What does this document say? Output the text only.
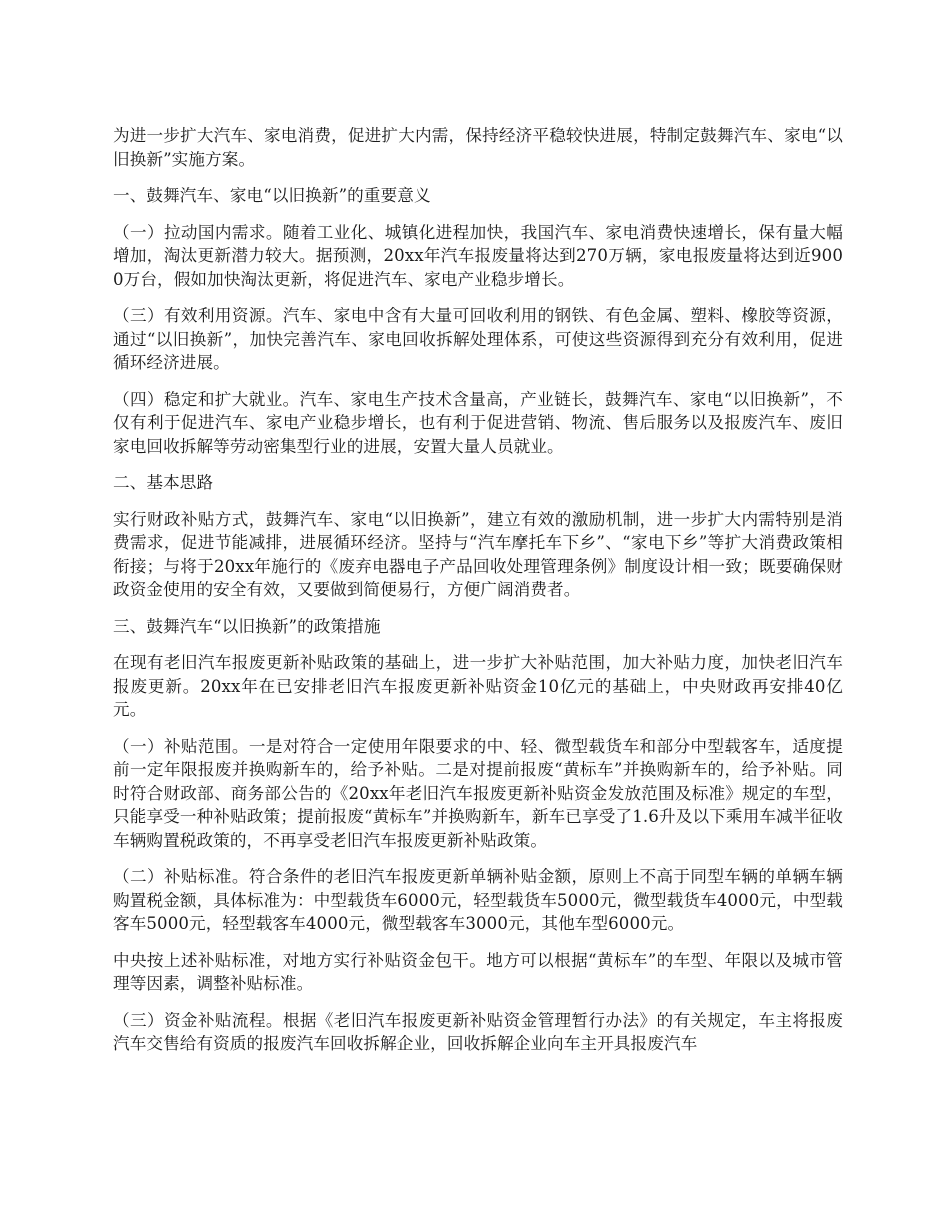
为进一步扩大汽车、家电消费，促进扩大内需，保持经济平稳较快进展，特制定鼓舞汽车、家电“以旧换新”实施方案。

一、鼓舞汽车、家电“以旧换新”的重要意义

（一）拉动国内需求。随着工业化、城镇化进程加快，我国汽车、家电消费快速增长，保有量大幅增加，淘汰更新潜力较大。据预测，20xx年汽车报废量将达到270万辆，家电报废量将达到近9000万台，假如加快淘汰更新，将促进汽车、家电产业稳步增长。

（三）有效利用资源。汽车、家电中含有大量可回收利用的钢铁、有色金属、塑料、橡胶等资源，通过“以旧换新”，加快完善汽车、家电回收拆解处理体系，可使这些资源得到充分有效利用，促进循环经济进展。

（四）稳定和扩大就业。汽车、家电生产技术含量高，产业链长，鼓舞汽车、家电“以旧换新”，不仅有利于促进汽车、家电产业稳步增长，也有利于促进营销、物流、售后服务以及报废汽车、废旧家电回收拆解等劳动密集型行业的进展，安置大量人员就业。

二、基本思路

实行财政补贴方式，鼓舞汽车、家电“以旧换新”，建立有效的激励机制，进一步扩大内需特别是消费需求，促进节能减排，进展循环经济。坚持与“汽车摩托车下乡”、“家电下乡”等扩大消费政策相衔接；与将于20xx年施行的《废弃电器电子产品回收处理管理条例》制度设计相一致；既要确保财政资金使用的安全有效，又要做到简便易行，方便广阔消费者。

三、鼓舞汽车“以旧换新”的政策措施

在现有老旧汽车报废更新补贴政策的基础上，进一步扩大补贴范围，加大补贴力度，加快老旧汽车报废更新。20xx年在已安排老旧汽车报废更新补贴资金10亿元的基础上，中央财政再安排40亿元。

（一）补贴范围。一是对符合一定使用年限要求的中、轻、微型载货车和部分中型载客车，适度提前一定年限报废并换购新车的，给予补贴。二是对提前报废“黄标车”并换购新车的，给予补贴。同时符合财政部、商务部公告的《20xx年老旧汽车报废更新补贴资金发放范围及标准》规定的车型，只能享受一种补贴政策；提前报废“黄标车”并换购新车，新车已享受了1.6升及以下乘用车减半征收车辆购置税政策的，不再享受老旧汽车报废更新补贴政策。

（二）补贴标准。符合条件的老旧汽车报废更新单辆补贴金额，原则上不高于同型车辆的单辆车辆购置税金额，具体标准为：中型载货车6000元，轻型载货车5000元，微型载货车4000元，中型载客车5000元，轻型载客车4000元，微型载客车3000元，其他车型6000元。

中央按上述补贴标准，对地方实行补贴资金包干。地方可以根据“黄标车”的车型、年限以及城市管理等因素，调整补贴标准。

（三）资金补贴流程。根据《老旧汽车报废更新补贴资金管理暂行办法》的有关规定，车主将报废汽车交售给有资质的报废汽车回收拆解企业，回收拆解企业向车主开具报废汽车
